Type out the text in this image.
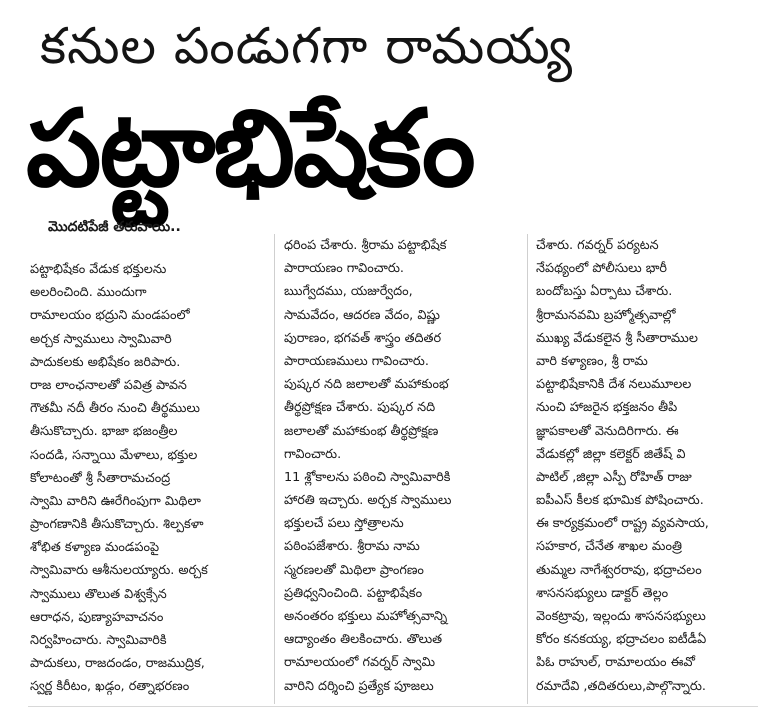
కనుల పండుగగా రామయ్య
పట్టాభిషేకం
మొదటిపేజీ తరువాయి..
పట్టాభిషేకం వేడుక భక్తులను
అలరించింది. ముందుగా
రామాలయం భద్రుని మండపంలో
అర్చక స్వాములు స్వామివారి
పాదుకలకు అభిషేకం జరిపారు.
రాజ లాంఛనాలతో పవిత్ర పావన
గౌతమీ నదీ తీరం నుంచి తీర్థములు
తీసుకొచ్చారు. భాజా భజంత్రీల
సందడి, సన్నాయి మేళాలు, భక్తుల
కోలాటంతో శ్రీ సీతారామచంద్ర
స్వామి వారిని ఊరేగింపుగా మిథిలా
ప్రాంగణానికి తీసుకొచ్చారు. శిల్పకళా
శోభిత కళ్యాణ మండపంపై
స్వామివారు ఆశీనులయ్యారు. అర్చక
స్వాములు తొలుత విశ్వక్సేన
ఆరాధన, పుణ్యాహవాచనం
నిర్వహించారు. స్వామివారికి
పాదుకలు, రాజదండం, రాజముద్రిక,
స్వర్ణ కిరీటం, ఖడ్గం, రత్నాభరణం
ధరింప చేశారు. శ్రీరామ పట్టాభిషేక
పారాయణం గావించారు.
ఋగ్వేదము, యజుర్వేదం,
సామవేదం, ఆదరణ వేదం, విష్ణు
పురాణం, భగవత్ శాస్త్రం తదితర
పారాయణములు గావించారు.
పుష్కర నది జలాలతో మహాకుంభ
తీర్థప్రోక్షణ చేశారు. పుష్కర నది
జలాలతో మహాకుంభ తీర్థప్రోక్షణ
గావించారు.
11 శ్లోకాలను పఠించి స్వామివారికి
హారతి ఇచ్చారు. అర్చక స్వాములు
భక్తులచే పలు స్తోత్రాలను
పఠింపజేశారు. శ్రీరామ నామ
స్మరణలతో మిథిలా ప్రాంగణం
ప్రతిధ్వనించింది. పట్టాభిషేకం
అనంతరం భక్తులు మహోత్సవాన్ని
ఆద్యాంతం తిలకించారు. తొలుత
రామాలయంలో గవర్నర్ స్వామి
వారిని దర్శించి ప్రత్యేక పూజలు
చేశారు. గవర్నర్ పర్యటన
నేపథ్యంలో పోలీసులు భారీ
బందోబస్తు ఏర్పాటు చేశారు.
శ్రీరామనవమి బ్రహ్మోత్సవాల్లో
ముఖ్య వేడుకలైన శ్రీ సీతారాముల
వారి కళ్యాణం, శ్రీ రామ
పట్టాభిషేకానికి దేశ నలుమూలల
నుంచి హాజరైన భక్తజనం తీపి
జ్ఞాపకాలతో వెనుదిరిగారు. ఈ
వేడుకల్లో జిల్లా కలెక్టర్ జితేష్ వి
పాటిల్ ,జిల్లా ఎస్పీ రోహిత్ రాజు
ఐపీఎస్ కీలక భూమిక పోషించారు.
ఈ కార్యక్రమంలో రాష్ట్ర వ్యవసాయ,
సహకార, చేనేత శాఖల మంత్రి
తుమ్మల నాగేశ్వరరావు, భద్రాచలం
శాసనసభ్యులు డాక్టర్ తెల్లం
వెంకట్రావు, ఇల్లందు శాసనసభ్యులు
కోరం కనకయ్య, భద్రాచలం ఐటీడీఏ
పిఓ రాహుల్, రామాలయం ఈవో
రమాదేవి ,తదితరులు,పాల్గొన్నారు.
